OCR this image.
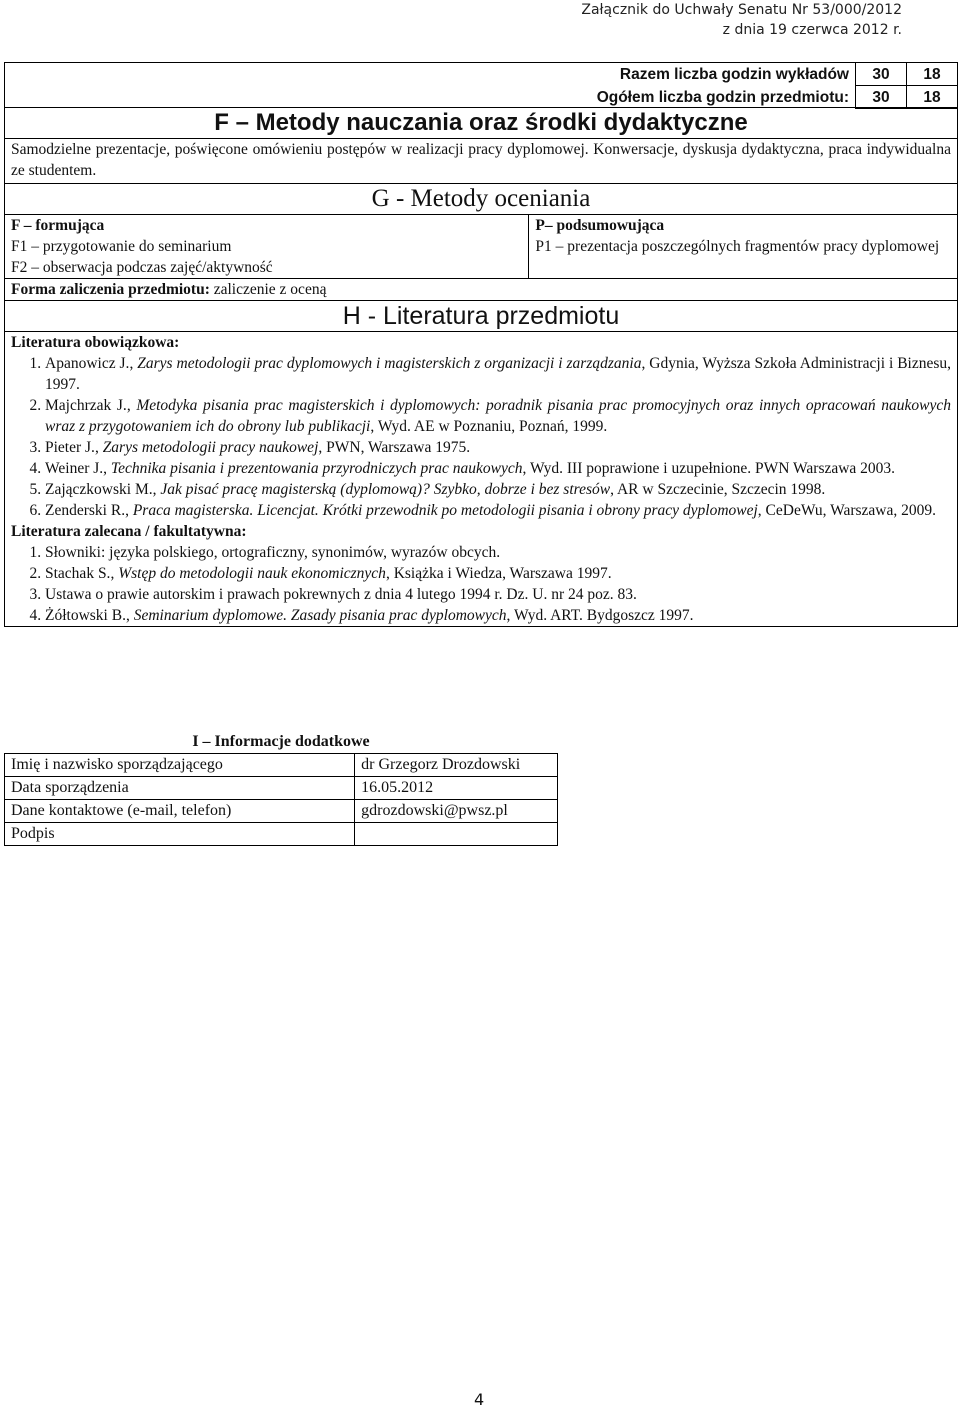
Załącznik do Uchwały Senatu Nr 53/000/2012
z dnia 19 czerwca 2012 r.
Razem liczba godzin wykładów	30	18
Ogółem liczba godzin przedmiotu:	30	18
F – Metody nauczania oraz środki dydaktyczne
Samodzielne prezentacje, poświęcone omówieniu postępów w realizacji pracy dyplomowej. Konwersacje, dyskusja dydaktyczna, praca indywidualna ze studentem.
G - Metody oceniania

F – formująca
F1 – przygotowanie do seminarium
F2 – obserwacja podczas zajęć/aktywność

P– podsumowująca
P1 – prezentacja poszczególnych fragmentów pracy dyplomowej

Forma zaliczenia przedmiotu: zaliczenie z oceną
H - Literatura przedmiotu

Literatura obowiązkowa:
1. Apanowicz J., Zarys metodologii prac dyplomowych i magisterskich z organizacji i zarządzania, Gdynia, Wyższa Szkoła Administracji i Biznesu, 1997.
2. Majchrzak J., Metodyka pisania prac magisterskich i dyplomowych: poradnik pisania prac promocyjnych oraz innych opracowań naukowych wraz z przygotowaniem ich do obrony lub publikacji, Wyd. AE w Poznaniu, Poznań, 1999.
3. Pieter J., Zarys metodologii pracy naukowej, PWN, Warszawa 1975.
4. Weiner J., Technika pisania i prezentowania przyrodniczych prac naukowych, Wyd. III poprawione i uzupełnione. PWN Warszawa 2003.
5. Zajączkowski M., Jak pisać pracę magisterską (dyplomową)? Szybko, dobrze i bez stresów, AR w Szczecinie, Szczecin 1998.
6. Zenderski R., Praca magisterska. Licencjat. Krótki przewodnik po metodologii pisania i obrony pracy dyplomowej, CeDeWu, Warszawa, 2009.
Literatura zalecana / fakultatywna:
1. Słowniki: języka polskiego, ortograficzny, synonimów, wyrazów obcych.
2. Stachak S., Wstęp do metodologii nauk ekonomicznych, Książka i Wiedza, Warszawa 1997.
3. Ustawa o prawie autorskim i prawach pokrewnych z dnia 4 lutego 1994 r. Dz. U. nr 24 poz. 83.
4. Żółtowski B., Seminarium dyplomowe. Zasady pisania prac dyplomowych, Wyd. ART. Bydgoszcz 1997.
I – Informacje dodatkowe	
Imię i nazwisko sporządzającego	dr Grzegorz Drozdowski
Data sporządzenia	16.05.2012
Dane kontaktowe (e-mail, telefon)	gdrozdowski@pwsz.pl
Podpis	
4
